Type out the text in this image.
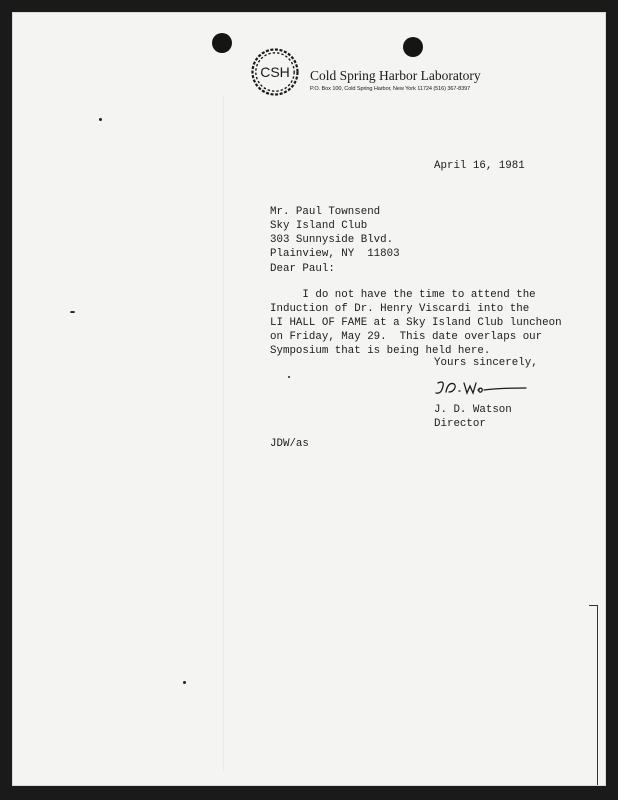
CSH Cold Spring Harbor Laboratory
P.O. Box 100, Cold Spring Harbor, New York 11724 (516) 367-8397
April 16, 1981
Mr. Paul Townsend
Sky Island Club
303 Sunnyside Blvd.
Plainview, NY  11803
Dear Paul:
I do not have the time to attend the
Induction of Dr. Henry Viscardi into the
LI HALL OF FAME at a Sky Island Club luncheon
on Friday, May 29.  This date overlaps our
Symposium that is being held here.
Yours sincerely,
J. D. Watson
Director
JDW/as
